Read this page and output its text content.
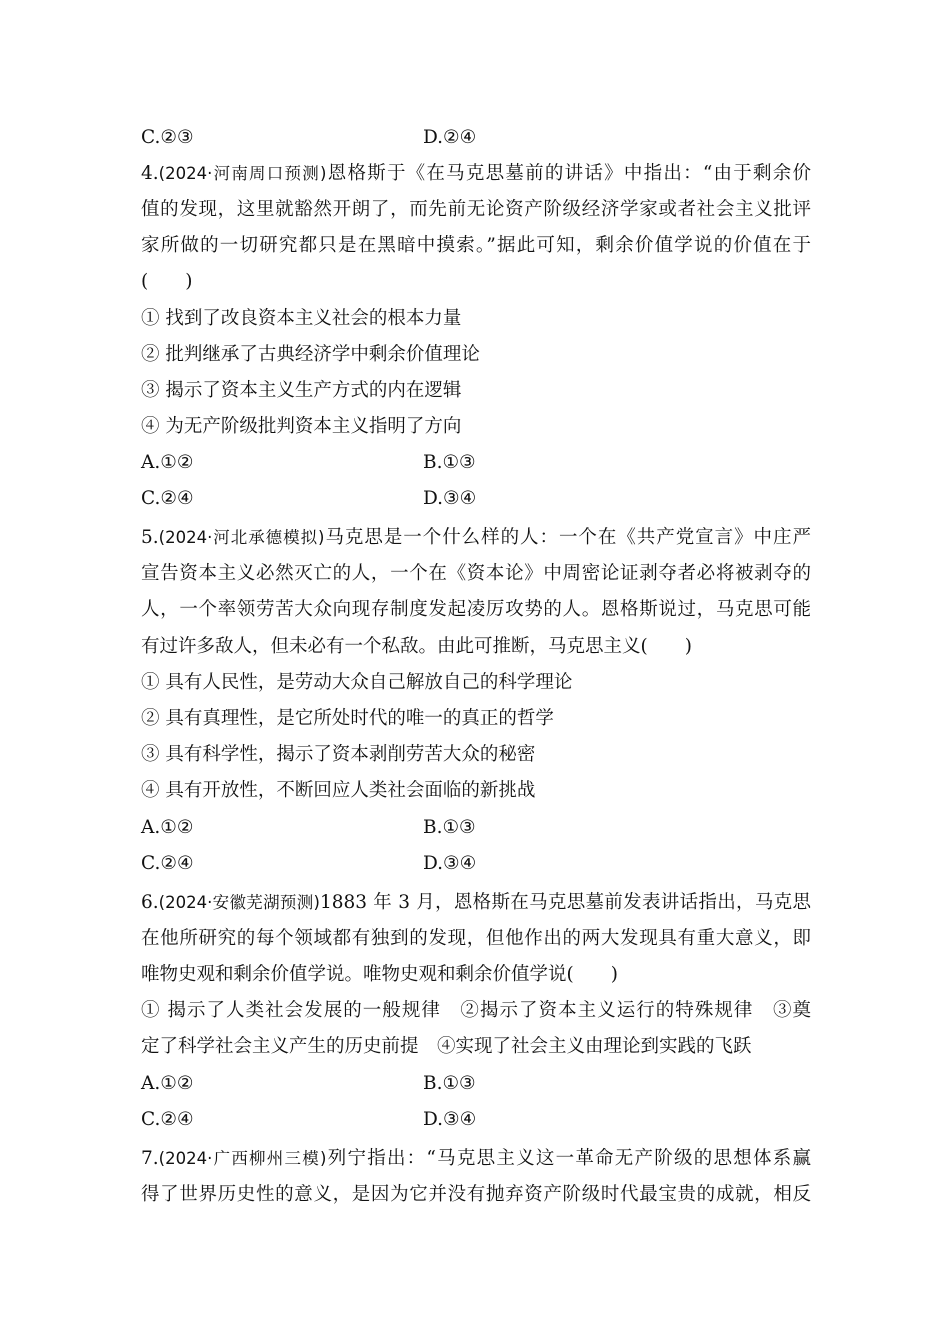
C.②③	D.②④
4.(2024·河南周口预测)恩格斯于《在马克思墓前的讲话》中指出：“由于剩余价
值的发现，这里就豁然开朗了，而先前无论资产阶级经济学家或者社会主义批评
家所做的一切研究都只是在黑暗中摸索。”据此可知，剩余价值学说的价值在于
(　　)
① 找到了改良资本主义社会的根本力量
② 批判继承了古典经济学中剩余价值理论
③ 揭示了资本主义生产方式的内在逻辑
④ 为无产阶级批判资本主义指明了方向
A.①②	B.①③
C.②④	D.③④
5.(2024·河北承德模拟)马克思是一个什么样的人：一个在《共产党宣言》中庄严
宣告资本主义必然灭亡的人，一个在《资本论》中周密论证剥夺者必将被剥夺的
人，一个率领劳苦大众向现存制度发起凌厉攻势的人。恩格斯说过，马克思可能
有过许多敌人，但未必有一个私敌。由此可推断，马克思主义(　　)
① 具有人民性，是劳动大众自己解放自己的科学理论
② 具有真理性，是它所处时代的唯一的真正的哲学
③ 具有科学性，揭示了资本剥削劳苦大众的秘密
④ 具有开放性，不断回应人类社会面临的新挑战
A.①②	B.①③
C.②④	D.③④
6.(2024·安徽芜湖预测)1883 年 3 月，恩格斯在马克思墓前发表讲话指出，马克思
在他所研究的每个领域都有独到的发现，但他作出的两大发现具有重大意义，即
唯物史观和剩余价值学说。唯物史观和剩余价值学说(　　)
① 揭示了人类社会发展的一般规律　②揭示了资本主义运行的特殊规律　③奠
定了科学社会主义产生的历史前提　④实现了社会主义由理论到实践的飞跃
A.①②	B.①③
C.②④	D.③④
7.(2024·广西柳州三模)列宁指出：“马克思主义这一革命无产阶级的思想体系赢
得了世界历史性的意义，是因为它并没有抛弃资产阶级时代最宝贵的成就，相反
